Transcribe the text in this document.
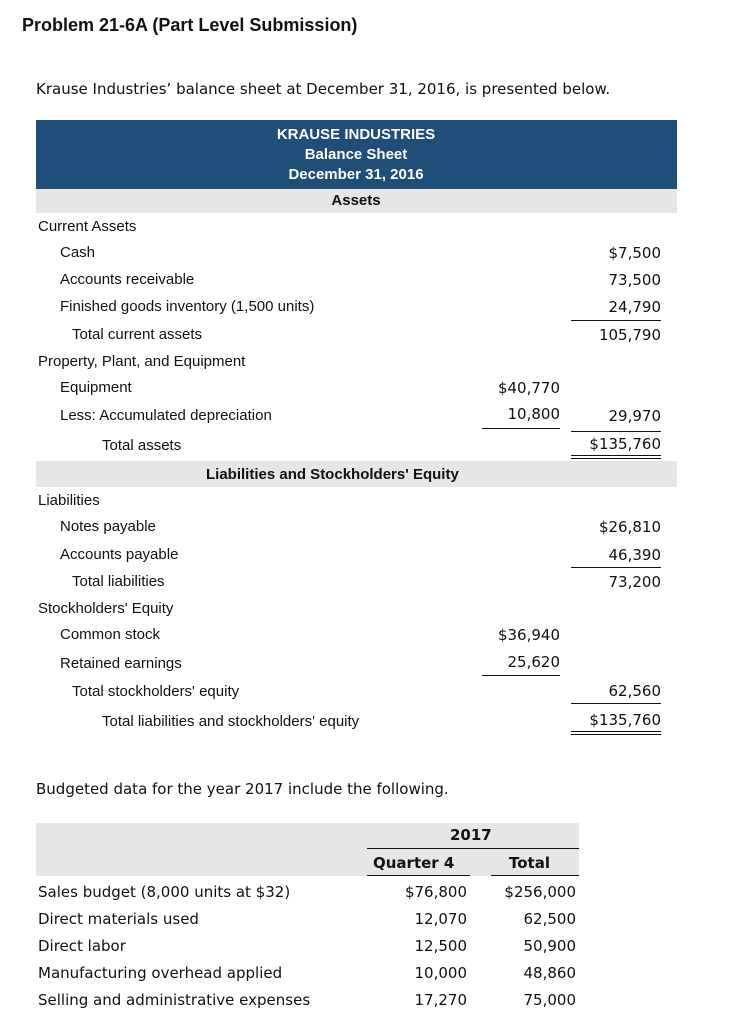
Problem 21-6A (Part Level Submission)
Krause Industries’ balance sheet at December 31, 2016, is presented below.
KRAUSE INDUSTRIES
Balance Sheet
December 31, 2016
Assets
Current Assets
Cash	$7,500
Accounts receivable	73,500
Finished goods inventory (1,500 units)	24,790
Total current assets	105,790
Property, Plant, and Equipment
Equipment	$40,770
Less: Accumulated depreciation	10,800	29,970
Total assets	$135,760
Liabilities and Stockholders' Equity
Liabilities
Notes payable	$26,810
Accounts payable	46,390
Total liabilities	73,200
Stockholders' Equity
Common stock	$36,940
Retained earnings	25,620
Total stockholders' equity	62,560
Total liabilities and stockholders' equity	$135,760
Budgeted data for the year 2017 include the following.
2017
Quarter 4	Total
Sales budget (8,000 units at $32)	$76,800 $256,000
Direct materials used	12,070	62,500
Direct labor	12,500	50,900
Manufacturing overhead applied	10,000	48,860
Selling and administrative expenses	17,270	75,000
